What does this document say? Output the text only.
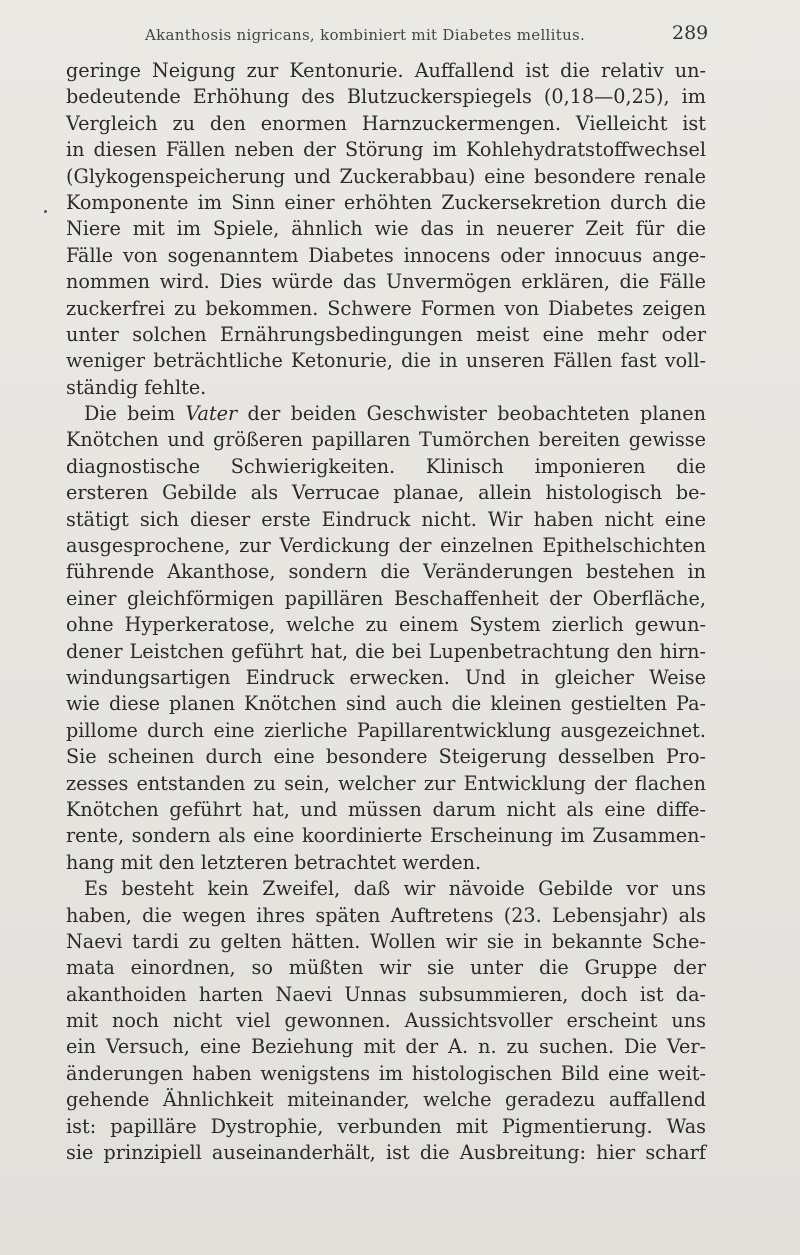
Akanthosis nigricans, kombiniert mit Diabetes mellitus.	289
geringe Neigung zur Kentonurie. Auffallend ist die relativ un-
bedeutende Erhöhung des Blutzuckerspiegels (0,18—0,25), im
Vergleich zu den enormen Harnzuckermengen. Vielleicht ist
in diesen Fällen neben der Störung im Kohlehydratstoffwechsel
(Glykogenspeicherung und Zuckerabbau) eine besondere renale
Komponente im Sinn einer erhöhten Zuckersekretion durch die
Niere mit im Spiele, ähnlich wie das in neuerer Zeit für die
Fälle von sogenanntem Diabetes innocens oder innocuus ange-
nommen wird. Dies würde das Unvermögen erklären, die Fälle
zuckerfrei zu bekommen. Schwere Formen von Diabetes zeigen
unter solchen Ernährungsbedingungen meist eine mehr oder
weniger beträchtliche Ketonurie, die in unseren Fällen fast voll-
ständig fehlte.
Die beim Vater der beiden Geschwister beobachteten planen
Knötchen und größeren papillaren Tumörchen bereiten gewisse
diagnostische Schwierigkeiten. Klinisch imponieren die
ersteren Gebilde als Verrucae planae, allein histologisch be-
stätigt sich dieser erste Eindruck nicht. Wir haben nicht eine
ausgesprochene, zur Verdickung der einzelnen Epithelschichten
führende Akanthose, sondern die Veränderungen bestehen in
einer gleichförmigen papillären Beschaffenheit der Oberfläche,
ohne Hyperkeratose, welche zu einem System zierlich gewun-
dener Leistchen geführt hat, die bei Lupenbetrachtung den hirn-
windungsartigen Eindruck erwecken. Und in gleicher Weise
wie diese planen Knötchen sind auch die kleinen gestielten Pa-
pillome durch eine zierliche Papillarentwicklung ausgezeichnet.
Sie scheinen durch eine besondere Steigerung desselben Pro-
zesses entstanden zu sein, welcher zur Entwicklung der flachen
Knötchen geführt hat, und müssen darum nicht als eine diffe-
rente, sondern als eine koordinierte Erscheinung im Zusammen-
hang mit den letzteren betrachtet werden.
Es besteht kein Zweifel, daß wir nävoide Gebilde vor uns
haben, die wegen ihres späten Auftretens (23. Lebensjahr) als
Naevi tardi zu gelten hätten. Wollen wir sie in bekannte Sche-
mata einordnen, so müßten wir sie unter die Gruppe der
akanthoiden harten Naevi Unnas subsummieren, doch ist da-
mit noch nicht viel gewonnen. Aussichtsvoller erscheint uns
ein Versuch, eine Beziehung mit der A. n. zu suchen. Die Ver-
änderungen haben wenigstens im histologischen Bild eine weit-
gehende Ähnlichkeit miteinander, welche geradezu auffallend
ist: papilläre Dystrophie, verbunden mit Pigmentierung. Was
sie prinzipiell auseinanderhält, ist die Ausbreitung: hier scharf
